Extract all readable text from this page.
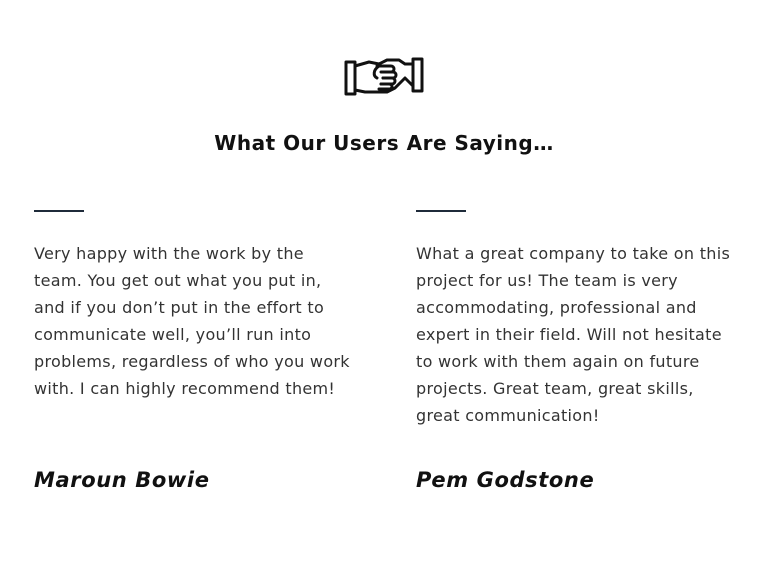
What Our Users Are Saying…

Very happy with the work by the team. You get out what you put in, and if you don’t put in the effort to communicate well, you’ll run into problems, regardless of who you work with. I can highly recommend them!

Maroun Bowie

What a great company to take on this project for us! The team is very accommodating, professional and expert in their field. Will not hesitate to work with them again on future projects. Great team, great skills, great communication!

Pem Godstone
